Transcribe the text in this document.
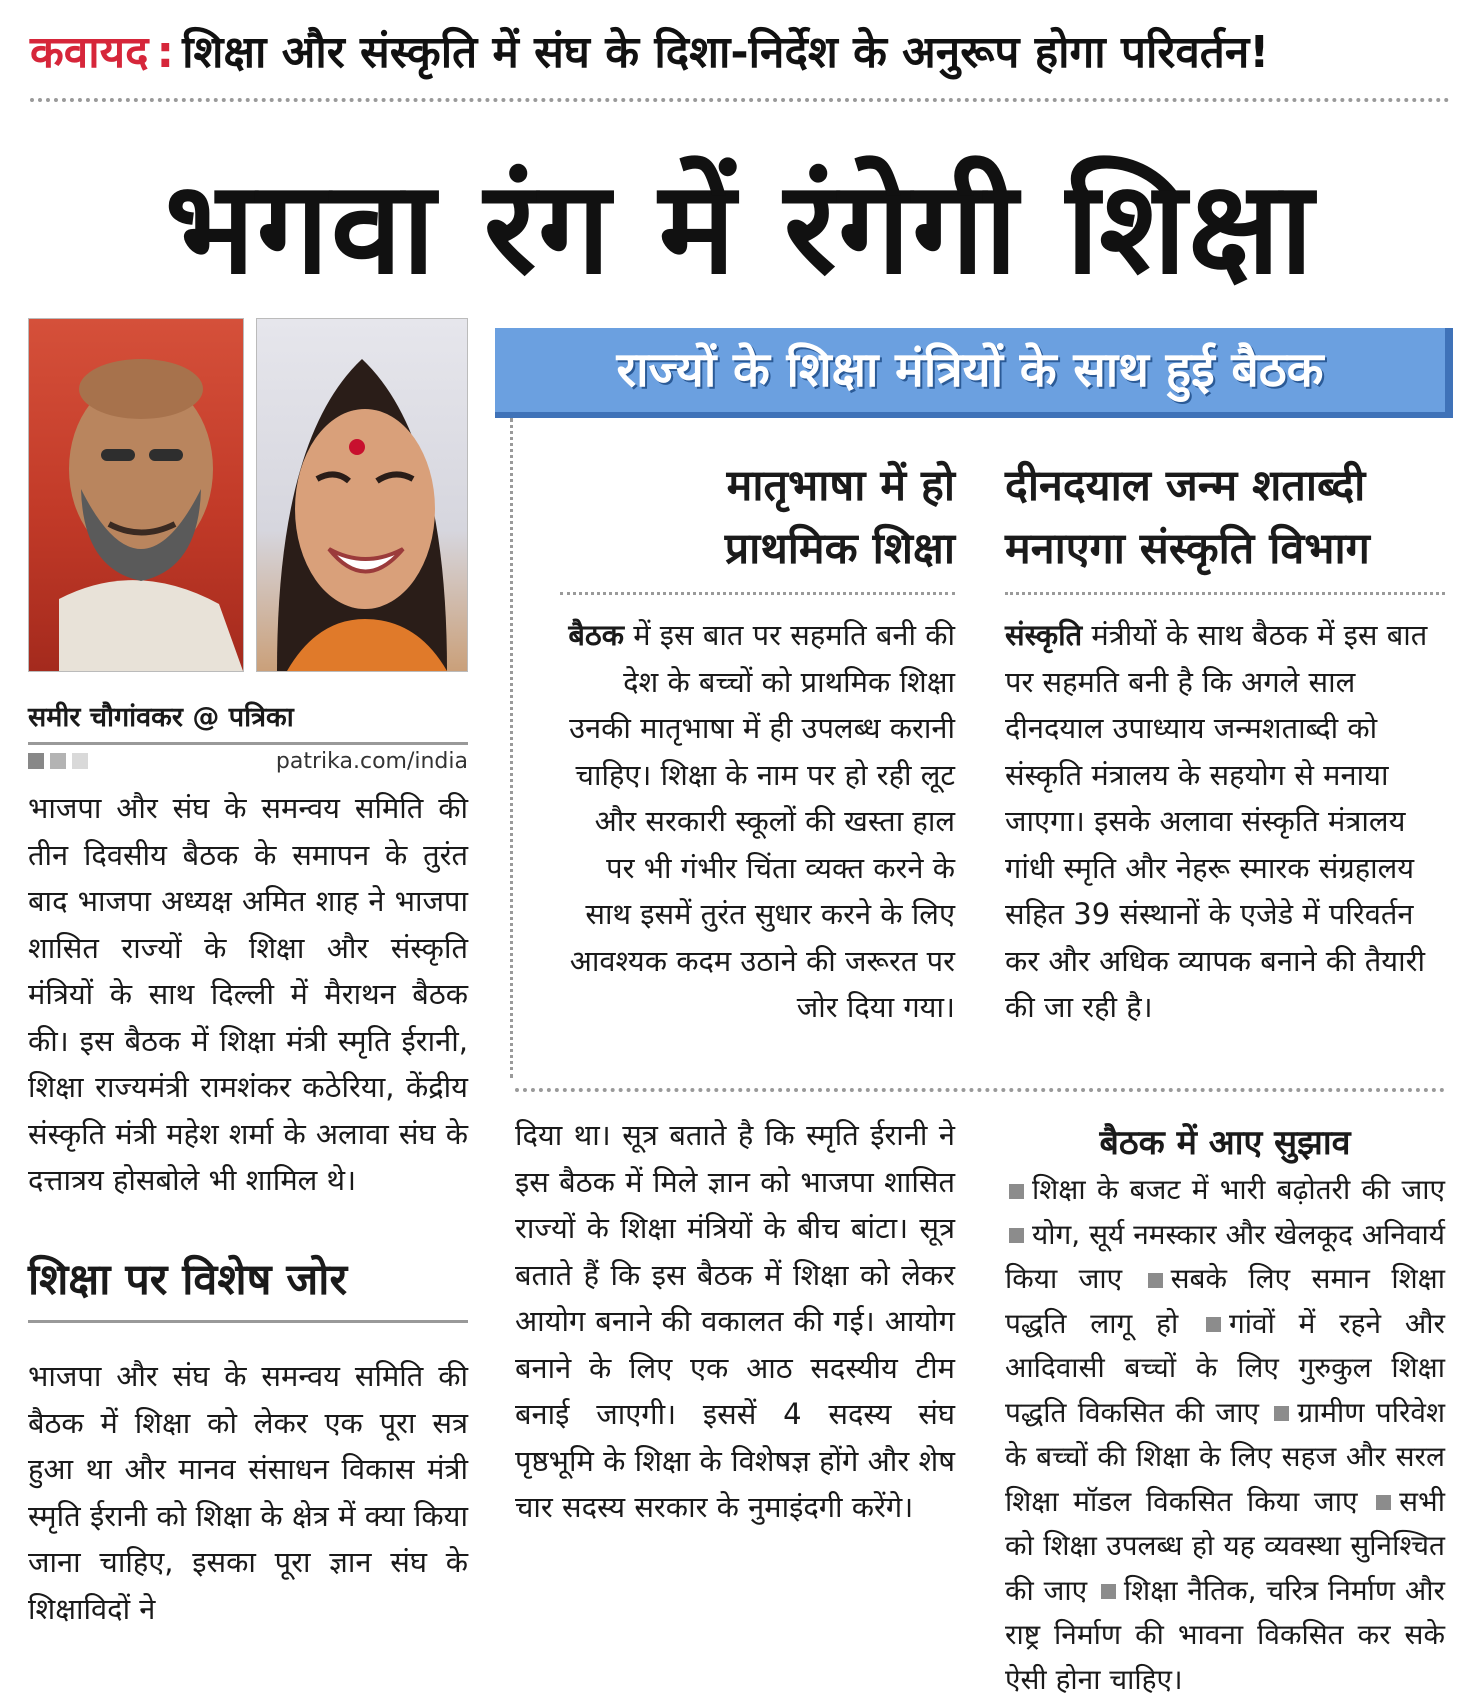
कवायद : शिक्षा और संस्कृति में संघ के दिशा-निर्देश के अनुरूप होगा परिवर्तन!
भगवा रंग में रंगेगी शिक्षा
समीर चौगांवकर @ पत्रिका
patrika.com/india
भाजपा और संघ के समन्वय समिति की तीन दिवसीय बैठक के समापन के तुरंत बाद भाजपा अध्यक्ष अमित शाह ने भाजपा शासित राज्यों के शिक्षा और संस्कृति मंत्रियों के साथ दिल्ली में मैराथन बैठक की। इस बैठक में शिक्षा मंत्री स्मृति ईरानी, शिक्षा राज्यमंत्री रामशंकर कठेरिया, केंद्रीय संस्कृति मंत्री महेश शर्मा के अलावा संघ के दत्तात्रय होसबोले भी शामिल थे।
शिक्षा पर विशेष जोर
भाजपा और संघ के समन्वय समिति की बैठक में शिक्षा को लेकर एक पूरा सत्र हुआ था और मानव संसाधन विकास मंत्री स्मृति ईरानी को शिक्षा के क्षेत्र में क्या किया जाना चाहिए, इसका पूरा ज्ञान संघ के शिक्षाविदों ने
राज्यों के शिक्षा मंत्रियों के साथ हुई बैठक
मातृभाषा में हो
प्राथमिक शिक्षा
बैठक में इस बात पर सहमति बनी की देश के बच्चों को प्राथमिक शिक्षा उनकी मातृभाषा में ही उपलब्ध करानी चाहिए। शिक्षा के नाम पर हो रही लूट और सरकारी स्कूलों की खस्ता हाल पर भी गंभीर चिंता व्यक्त करने के साथ इसमें तुरंत सुधार करने के लिए आवश्यक कदम उठाने की जरूरत पर जोर दिया गया।
दीनदयाल जन्म शताब्दी
मनाएगा संस्कृति विभाग
संस्कृति मंत्रीयों के साथ बैठक में इस बात पर सहमति बनी है कि अगले साल दीनदयाल उपाध्याय जन्मशताब्दी को संस्कृति मंत्रालय के सहयोग से मनाया जाएगा। इसके अलावा संस्कृति मंत्रालय गांधी स्मृति और नेहरू स्मारक संग्रहालय सहित 39 संस्थानों के एजेडे में परिवर्तन कर और अधिक व्यापक बनाने की तैयारी की जा रही है।
दिया था। सूत्र बताते है कि स्मृति ईरानी ने इस बैठक में मिले ज्ञान को भाजपा शासित राज्यों के शिक्षा मंत्रियों के बीच बांटा। सूत्र बताते हैं कि इस बैठक में शिक्षा को लेकर आयोग बनाने की वकालत की गई। आयोग बनाने के लिए एक आठ सदस्यीय टीम बनाई जाएगी। इससें 4 सदस्य संघ पृष्ठभूमि के शिक्षा के विशेषज्ञ होंगे और शेष चार सदस्य सरकार के नुमाइंदगी करेंगे।
बैठक में आए सुझाव
शिक्षा के बजट में भारी बढ़ोतरी की जाए योग, सूर्य नमस्कार और खेलकूद अनिवार्य किया जाए सबके लिए समान शिक्षा पद्धति लागू हो गांवों में रहने और आदिवासी बच्चों के लिए गुरुकुल शिक्षा पद्धति विकसित की जाए ग्रामीण परिवेश के बच्चों की शिक्षा के लिए सहज और सरल शिक्षा मॉडल विकसित किया जाए सभी को शिक्षा उपलब्ध हो यह व्यवस्था सुनिश्चित की जाए शिक्षा नैतिक, चरित्र निर्माण और राष्ट्र निर्माण की भावना विकसित कर सके ऐसी होना चाहिए।
